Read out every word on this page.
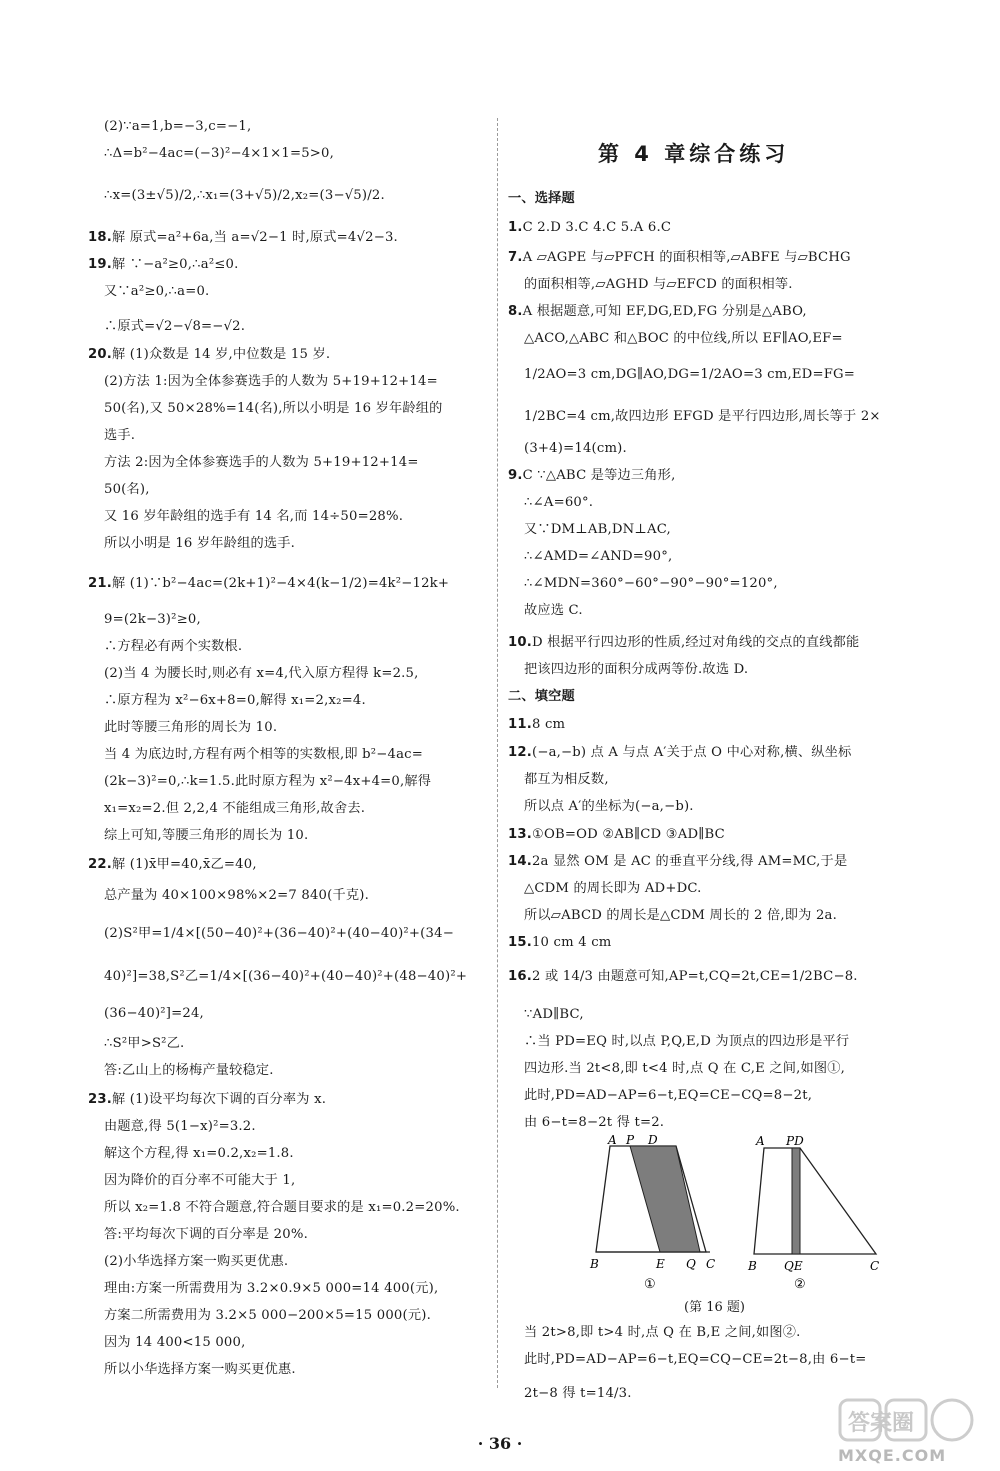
(2)∵a=1,b=−3,c=−1,
∴Δ=b²−4ac=(−3)²−4×1×1=5>0,
∴x=(3±√5)/2,∴x₁=(3+√5)/2,x₂=(3−√5)/2.
18.解 原式=a²+6a,当 a=√2−1 时,原式=4√2−3.
19.解 ∵−a²≥0,∴a²≤0.
又∵a²≥0,∴a=0.
∴原式=√2−√8=−√2.
20.解 (1)众数是 14 岁,中位数是 15 岁.
(2)方法 1:因为全体参赛选手的人数为 5+19+12+14=
50(名),又 50×28%=14(名),所以小明是 16 岁年龄组的
选手.
方法 2:因为全体参赛选手的人数为 5+19+12+14=
50(名),
又 16 岁年龄组的选手有 14 名,而 14÷50=28%.
所以小明是 16 岁年龄组的选手.
21.解 (1)∵b²−4ac=(2k+1)²−4×4(k−1/2)=4k²−12k+
9=(2k−3)²≥0,
∴方程必有两个实数根.
(2)当 4 为腰长时,则必有 x=4,代入原方程得 k=2.5,
∴原方程为 x²−6x+8=0,解得 x₁=2,x₂=4.
此时等腰三角形的周长为 10.
当 4 为底边时,方程有两个相等的实数根,即 b²−4ac=
(2k−3)²=0,∴k=1.5.此时原方程为 x²−4x+4=0,解得
x₁=x₂=2.但 2,2,4 不能组成三角形,故舍去.
综上可知,等腰三角形的周长为 10.
22.解 (1)x̄甲=40,x̄乙=40,
总产量为 40×100×98%×2=7 840(千克).
(2)S²甲=1/4×[(50−40)²+(36−40)²+(40−40)²+(34−
40)²]=38,S²乙=1/4×[(36−40)²+(40−40)²+(48−40)²+
(36−40)²]=24,
∴S²甲>S²乙.
答:乙山上的杨梅产量较稳定.
23.解 (1)设平均每次下调的百分率为 x.
由题意,得 5(1−x)²=3.2.
解这个方程,得 x₁=0.2,x₂=1.8.
因为降价的百分率不可能大于 1,
所以 x₂=1.8 不符合题意,符合题目要求的是 x₁=0.2=20%.
答:平均每次下调的百分率是 20%.
(2)小华选择方案一购买更优惠.
理由:方案一所需费用为 3.2×0.9×5 000=14 400(元),
方案二所需费用为 3.2×5 000−200×5=15 000(元).
因为 14 400<15 000,
所以小华选择方案一购买更优惠.
第 4 章综合练习
A P D
B	E Q C
①
A PD
B QE	C
②
(第 16 题)
一、选择题
1.C 2.D 3.C 4.C 5.A 6.C
7.A ▱AGPE 与▱PFCH 的面积相等,▱ABFE 与▱BCHG
的面积相等,▱AGHD 与▱EFCD 的面积相等.
8.A 根据题意,可知 EF,DG,ED,FG 分别是△ABO,
△ACO,△ABC 和△BOC 的中位线,所以 EF∥AO,EF=
1/2AO=3 cm,DG∥AO,DG=1/2AO=3 cm,ED=FG=
1/2BC=4 cm,故四边形 EFGD 是平行四边形,周长等于 2×
(3+4)=14(cm).
9.C ∵△ABC 是等边三角形,
∴∠A=60°.
又∵DM⊥AB,DN⊥AC,
∴∠AMD=∠AND=90°,
∴∠MDN=360°−60°−90°−90°=120°,
故应选 C.
10.D 根据平行四边形的性质,经过对角线的交点的直线都能
把该四边形的面积分成两等份.故选 D.
二、填空题
11.8 cm
12.(−a,−b) 点 A 与点 A′关于点 O 中心对称,横、纵坐标
都互为相反数,
所以点 A′的坐标为(−a,−b).
13.①OB=OD ②AB∥CD ③AD∥BC
14.2a 显然 OM 是 AC 的垂直平分线,得 AM=MC,于是
△CDM 的周长即为 AD+DC.
所以▱ABCD 的周长是△CDM 周长的 2 倍,即为 2a.
15.10 cm 4 cm
16.2 或 14/3 由题意可知,AP=t,CQ=2t,CE=1/2BC−8.
∵AD∥BC,
∴当 PD=EQ 时,以点 P,Q,E,D 为顶点的四边形是平行
四边形.当 2t<8,即 t<4 时,点 Q 在 C,E 之间,如图①,
此时,PD=AD−AP=6−t,EQ=CE−CQ=8−2t,
由 6−t=8−2t 得 t=2.
当 2t>8,即 t>4 时,点 Q 在 B,E 之间,如图②.
此时,PD=AD−AP=6−t,EQ=CQ−CE=2t−8,由 6−t=
2t−8 得 t=14/3.
· 36 ·
答案圈
MXQE.COM
